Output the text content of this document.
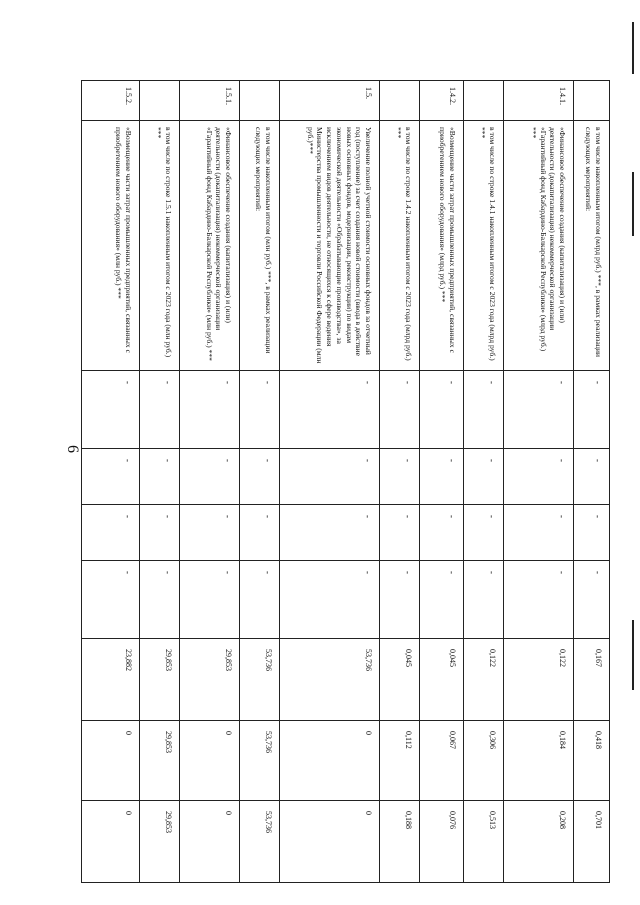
6
	в том числе накопленным итогом (млрд руб.) ***, в рамках реализации следующих мероприятий:	-	-	-	-	0,167	0,418	0,701
1.4.1.	«Финансовое обеспечение создания (капитализация) и (или) деятельности (докапитализация) некоммерческой организации «Гарантийный фонд Кабардино-Балкарской Республики» (млрд руб.) ***	-	-	-	-	0,122	0,184	0,208
	в том числе по строке 1.4.1 накопленным итогом с 2023 года (млрд руб.) ***	-	-	-	-	0,122	0,306	0,513
1.4.2.	«Возмещение части затрат промышленных предприятий, связанных с приобретением нового оборудования» (млрд руб.) ***	-	-	-	-	0,045	0,067	0,076
	в том числе по строке 1.4.2 накопленным итогом с 2023 года (млрд руб.) ***	-	-	-	-	0,045	0,112	0,188
1.5.	Увеличение полной учетной стоимости основных фондов за отчетный год (поступление) за счет создания новой стоимости (ввода в действие новых основных фондов, модернизации, реконструкции) по видам экономической деятельности «Обрабатывающие производства», за исключением видов деятельности, не относящихся к сфере ведения Министерства промышленности и торговли Российской Федерации (млн руб.)***	-	-	-	-	53,736	0	0
	в том числе накопленным итогом (млн руб.) ***, в рамках реализации следующих мероприятий:	-	-	-	-	53,736	53,736	53,736
1.5.1.	«Финансовое обеспечение создания (капитализация) и (или) деятельности (докапитализация) некоммерческой организации «Гарантийный фонд Кабардино-Балкарской Республики» (млн руб.) ***	-	-	-	-	29,853	0	0
	в том числе по строке 1.5.1 накопленным итогом с 2023 года (млн руб.) ***	-	-	-	-	29,853	29,853	29,853
1.5.2.	«Возмещение части затрат промышленных предприятий, связанных с приобретением нового оборудования» (млн руб.) ***	-	-	-	-	23,882	0	0
